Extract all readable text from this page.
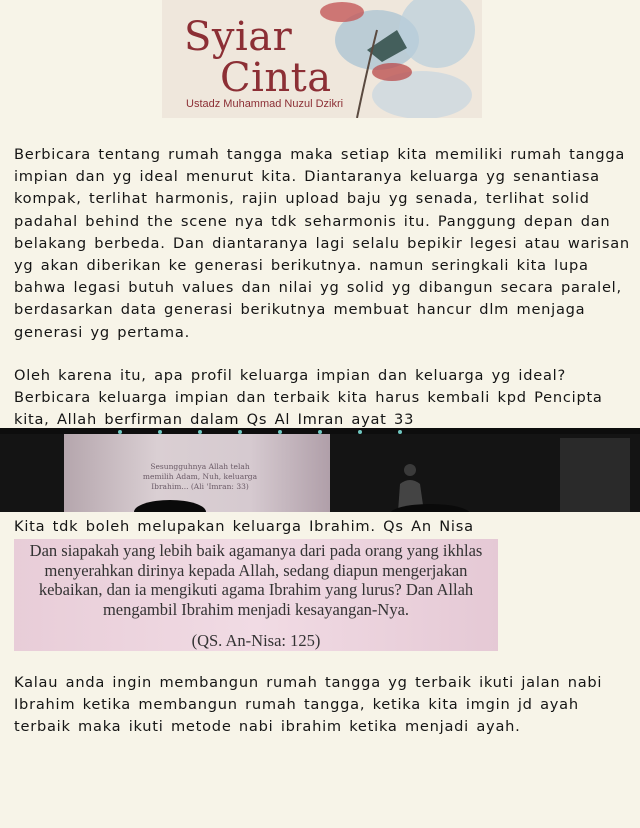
Syiar
Cinta
Ustadz Muhammad Nuzul Dzikri

Berbicara tentang rumah tangga maka setiap kita memiliki rumah tangga impian dan yg ideal menurut kita. Diantaranya keluarga yg senantiasa kompak, terlihat harmonis, rajin upload baju yg senada, terlihat solid padahal behind the scene nya tdk seharmonis itu. Panggung depan dan belakang berbeda. Dan diantaranya lagi selalu bepikir legesi atau warisan yg akan diberikan ke generasi berikutnya. namun seringkali kita lupa bahwa legasi butuh values dan nilai yg solid yg dibangun secara paralel, berdasarkan data generasi berikutnya membuat hancur dlm menjaga generasi yg pertama.

Oleh karena itu, apa profil keluarga impian dan keluarga yg ideal? Berbicara keluarga impian dan terbaik kita harus kembali kpd Pencipta kita, Allah berfirman dalam Qs Al Imran ayat 33

Sesungguhnya Allah telah memilih Adam, Nuh, keluarga Ibrahim... (Ali 'Imran: 33)

Kita tdk boleh melupakan keluarga Ibrahim. Qs An Nisa

Dan siapakah yang lebih baik agamanya dari pada orang yang ikhlas menyerahkan dirinya kepada Allah, sedang diapun mengerjakan kebaikan, dan ia mengikuti agama Ibrahim yang lurus? Dan Allah mengambil Ibrahim menjadi kesayangan-Nya.

(QS. An-Nisa: 125)

Kalau anda ingin membangun rumah tangga yg terbaik ikuti jalan nabi Ibrahim ketika membangun rumah tangga, ketika kita imgin jd ayah terbaik maka ikuti metode nabi ibrahim ketika menjadi ayah.
